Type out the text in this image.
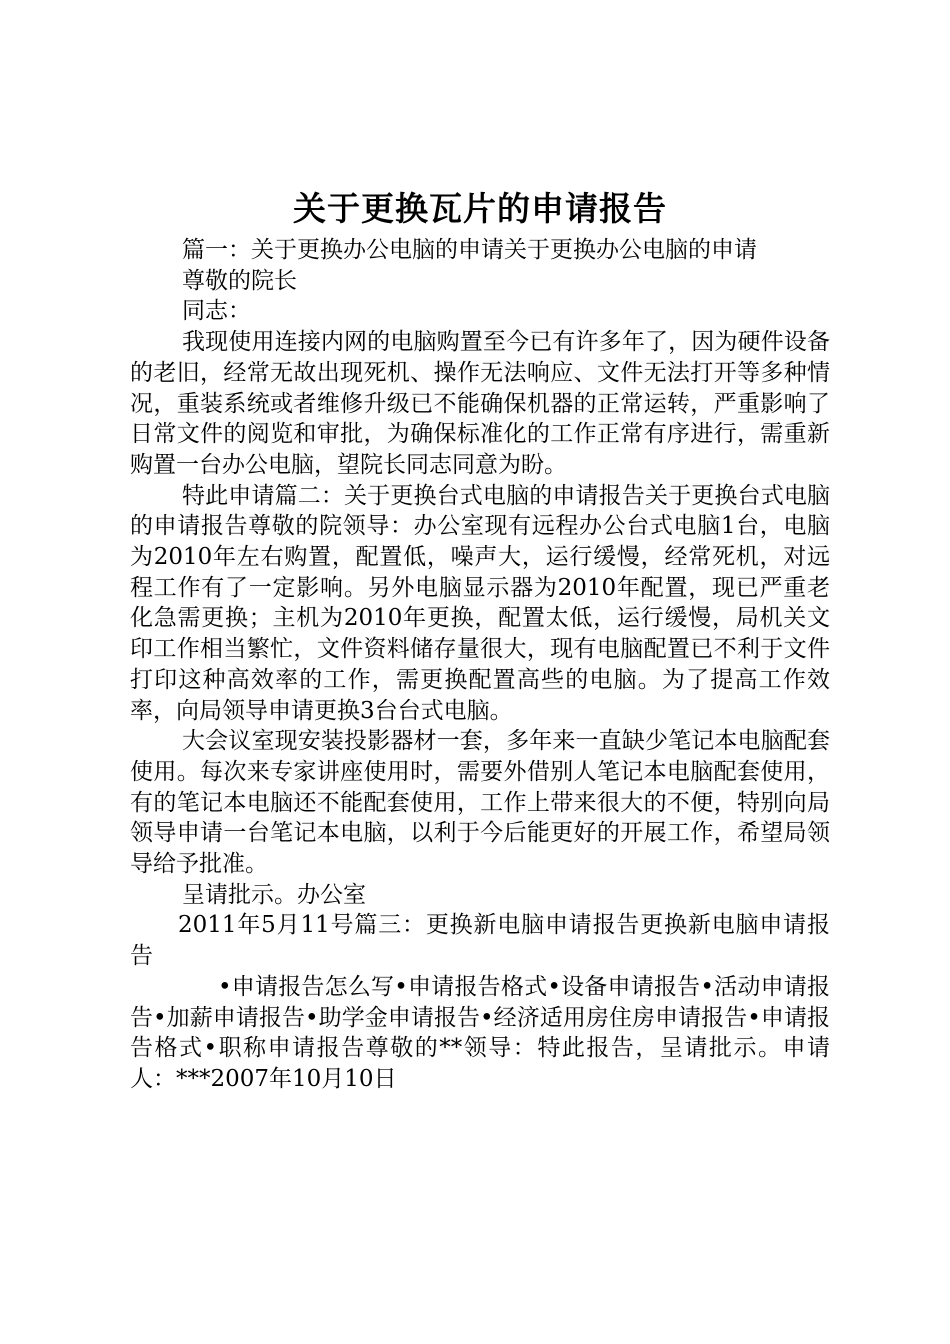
关于更换瓦片的申请报告

篇一：关于更换办公电脑的申请关于更换办公电脑的申请

尊敬的院长

同志：

我现使用连接内网的电脑购置至今已有许多年了，因为硬件设备的老旧，经常无故出现死机、操作无法响应、文件无法打开等多种情况，重装系统或者维修升级已不能确保机器的正常运转，严重影响了日常文件的阅览和审批，为确保标准化的工作正常有序进行，需重新购置一台办公电脑，望院长同志同意为盼。

特此申请篇二：关于更换台式电脑的申请报告关于更换台式电脑的申请报告尊敬的院领导：办公室现有远程办公台式电脑1台，电脑为2010年左右购置，配置低，噪声大，运行缓慢，经常死机，对远程工作有了一定影响。另外电脑显示器为2010年配置，现已严重老化急需更换；主机为2010年更换，配置太低，运行缓慢，局机关文印工作相当繁忙，文件资料储存量很大，现有电脑配置已不利于文件打印这种高效率的工作，需更换配置高些的电脑。为了提高工作效率，向局领导申请更换3台台式电脑。

大会议室现安装投影器材一套，多年来一直缺少笔记本电脑配套使用。每次来专家讲座使用时，需要外借别人笔记本电脑配套使用，有的笔记本电脑还不能配套使用，工作上带来很大的不便，特别向局领导申请一台笔记本电脑，以利于今后能更好的开展工作，希望局领导给予批准。

呈请批示。办公室

2011年5月11号篇三：更换新电脑申请报告更换新电脑申请报告

•申请报告怎么写•申请报告格式•设备申请报告•活动申请报告•加薪申请报告•助学金申请报告•经济适用房住房申请报告•申请报告格式•职称申请报告尊敬的**领导：特此报告，呈请批示。申请人：***2007年10月10日
